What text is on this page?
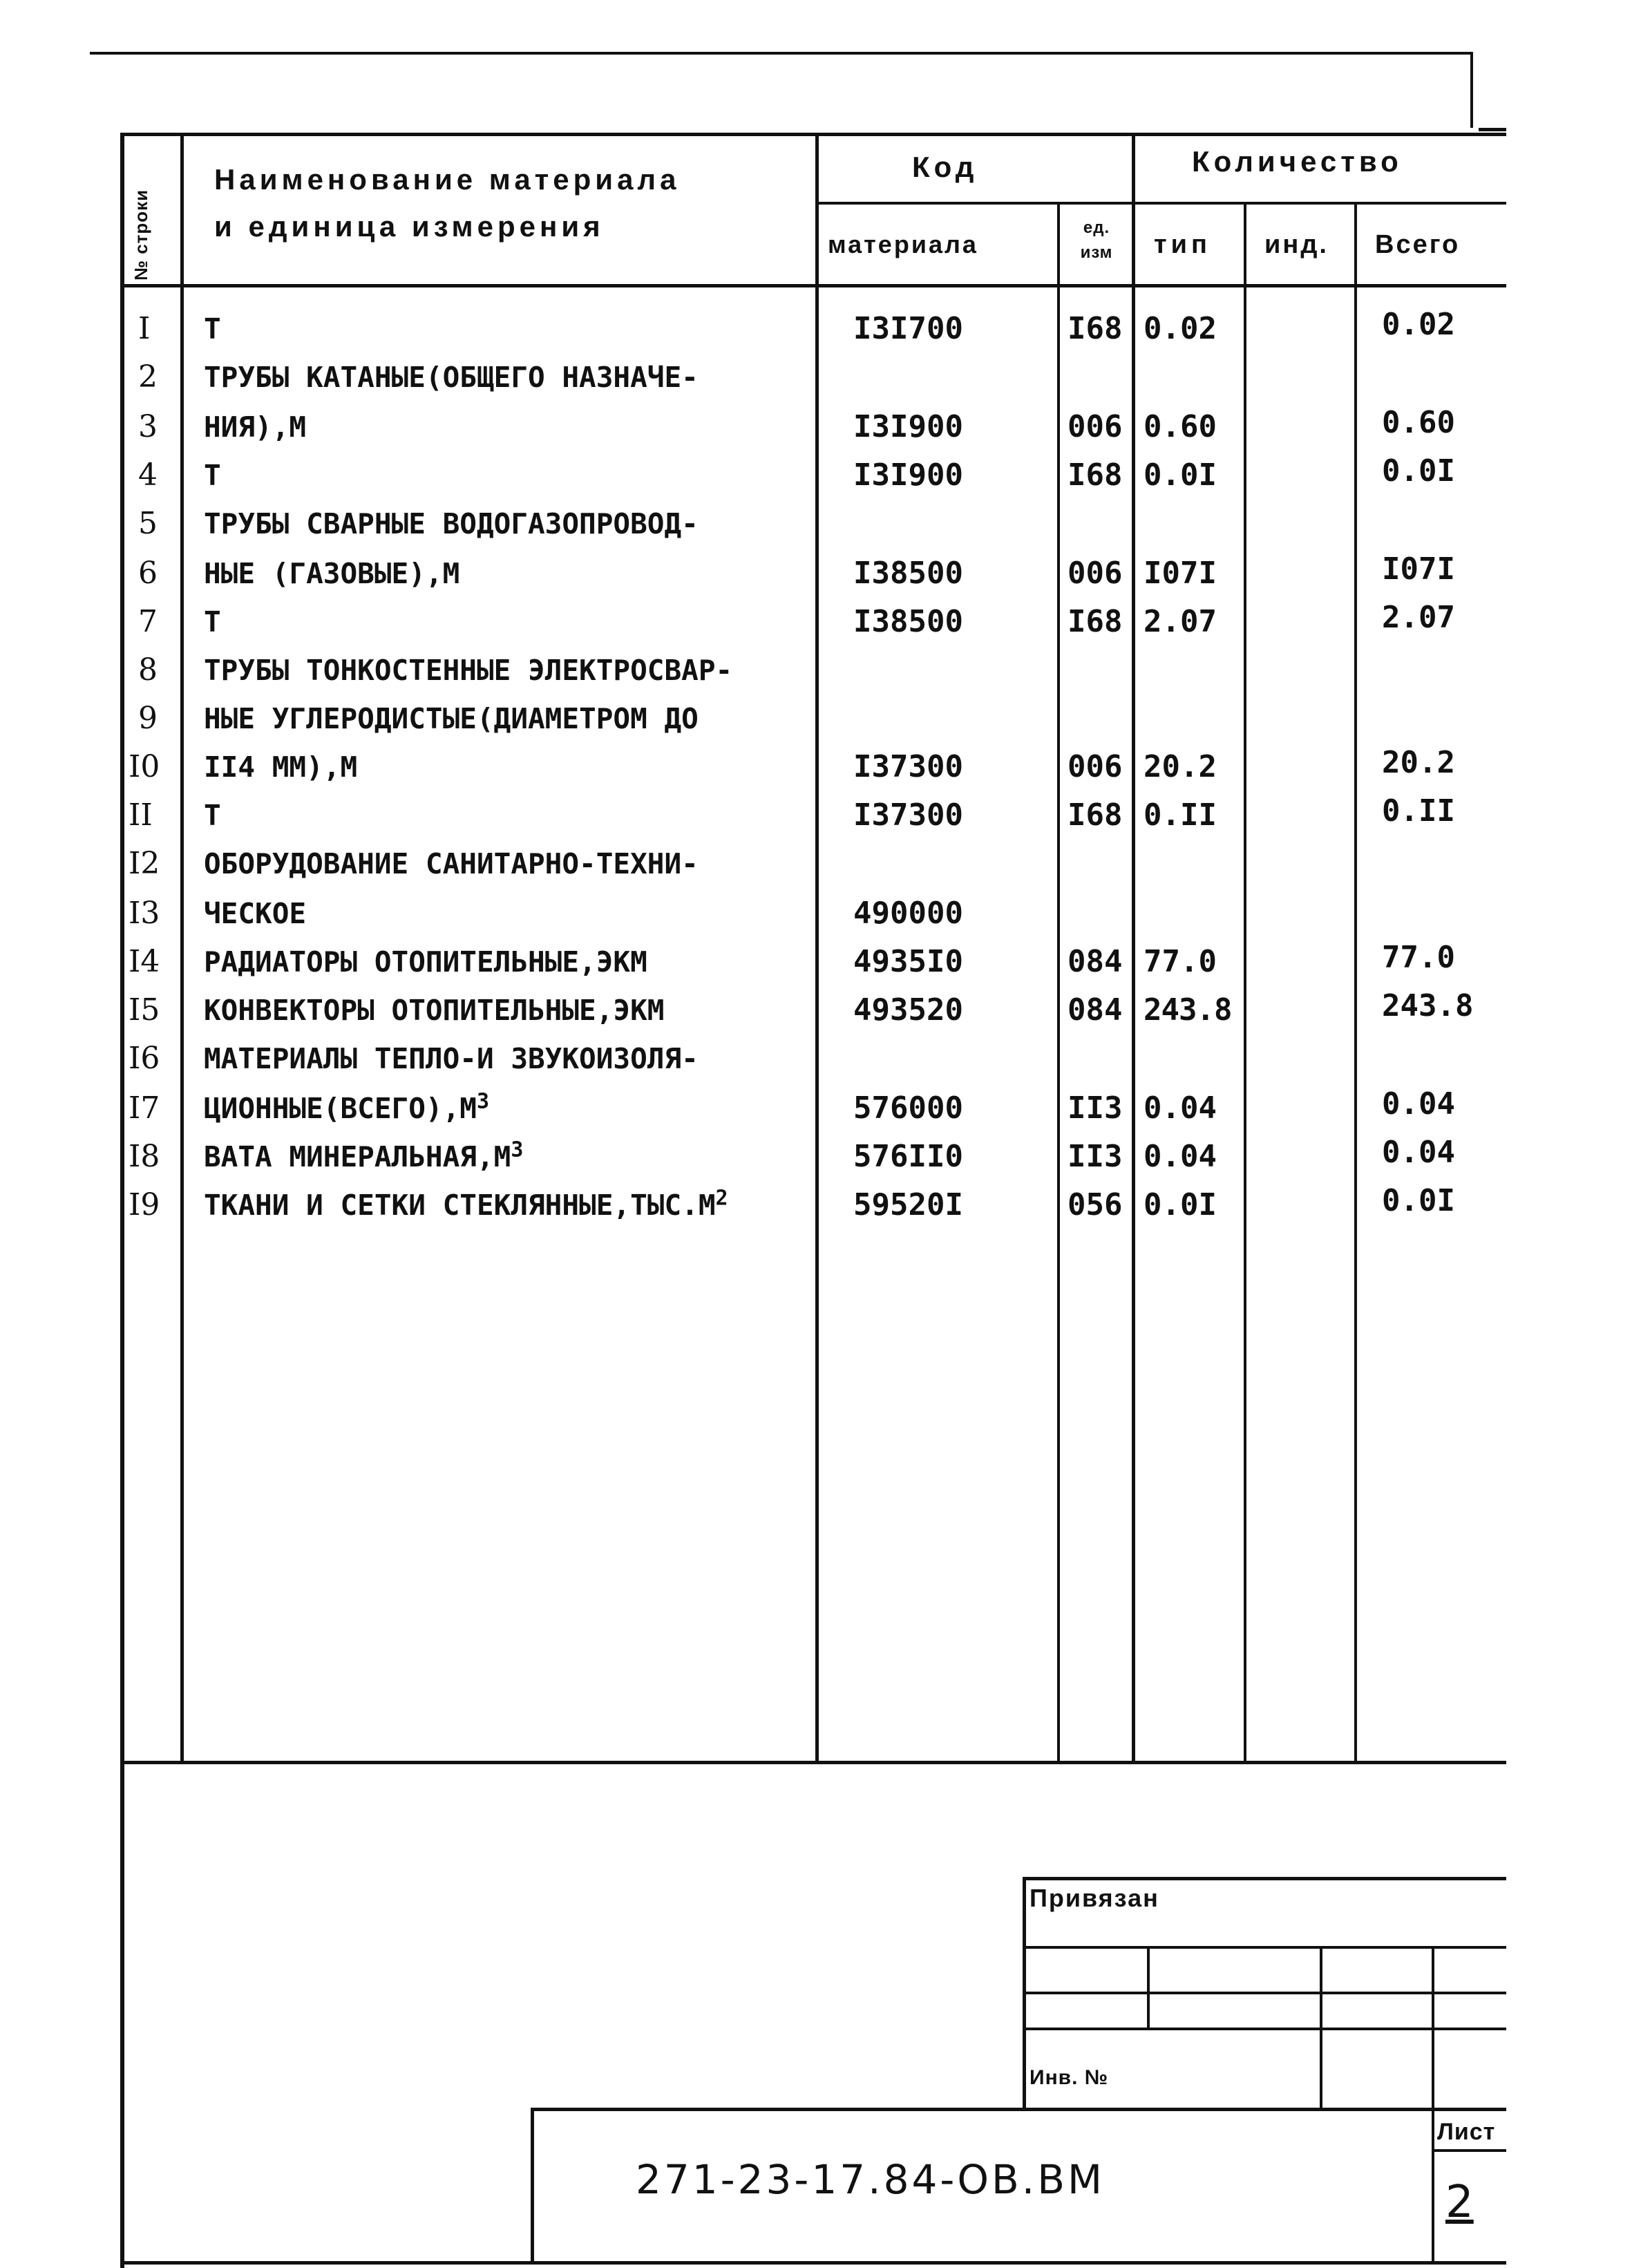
№ строки
Наименование материала
и единица измерения
Код	Количество
материала
ед. изм	тип инд. Всего
I Т	I3I700	I68 0.02	0.02
2 ТРУБЫ КАТАНЫЕ(ОБЩЕГО НАЗНАЧЕ-
3 НИЯ),М	I3I900	006 0.60	0.60
4 Т	I3I900	I68 0.0I	0.0I
5 ТРУБЫ СВАРНЫЕ ВОДОГАЗОПРОВОД-
6 НЫЕ (ГАЗОВЫЕ),М	I38500	006 I07I	I07I
7 Т	I38500	I68 2.07	2.07
8 ТРУБЫ ТОНКОСТЕННЫЕ ЭЛЕКТРОСВАР-
9 НЫЕ УГЛЕРОДИСТЫЕ(ДИАМЕТРОМ ДО
I0 II4 ММ),М	I37300	006 20.2	20.2
II Т	I37300	I68 0.II	0.II
I2 ОБОРУДОВАНИЕ САНИТАРНО-ТЕХНИ-
I3 ЧЕСКОЕ	490000
I4 РАДИАТОРЫ ОТОПИТЕЛЬНЫЕ,ЭКМ	4935I0	084 77.0	77.0
I5 КОНВЕКТОРЫ ОТОПИТЕЛЬНЫЕ,ЭКМ	493520	084 243.8	243.8
I6 МАТЕРИАЛЫ ТЕПЛО-И ЗВУКОИЗОЛЯ-
I7 $ЦИОННЫЕ(ВСЕГО),М^3$	576000	II3 0.04	0.04
I8 ВАТА $МИНЕРАЛЬНАЯ,М^3$	576II0	II3 0.04	0.04
I9 ТКАНИ И СЕТКИ $СТЕКЛЯННЫЕ,ТЫС.М^2$	59520I	056 0.0I	0.0I
Привязан
Инв. №
271-23-17.84-ОВ.ВМ
Лист
2
